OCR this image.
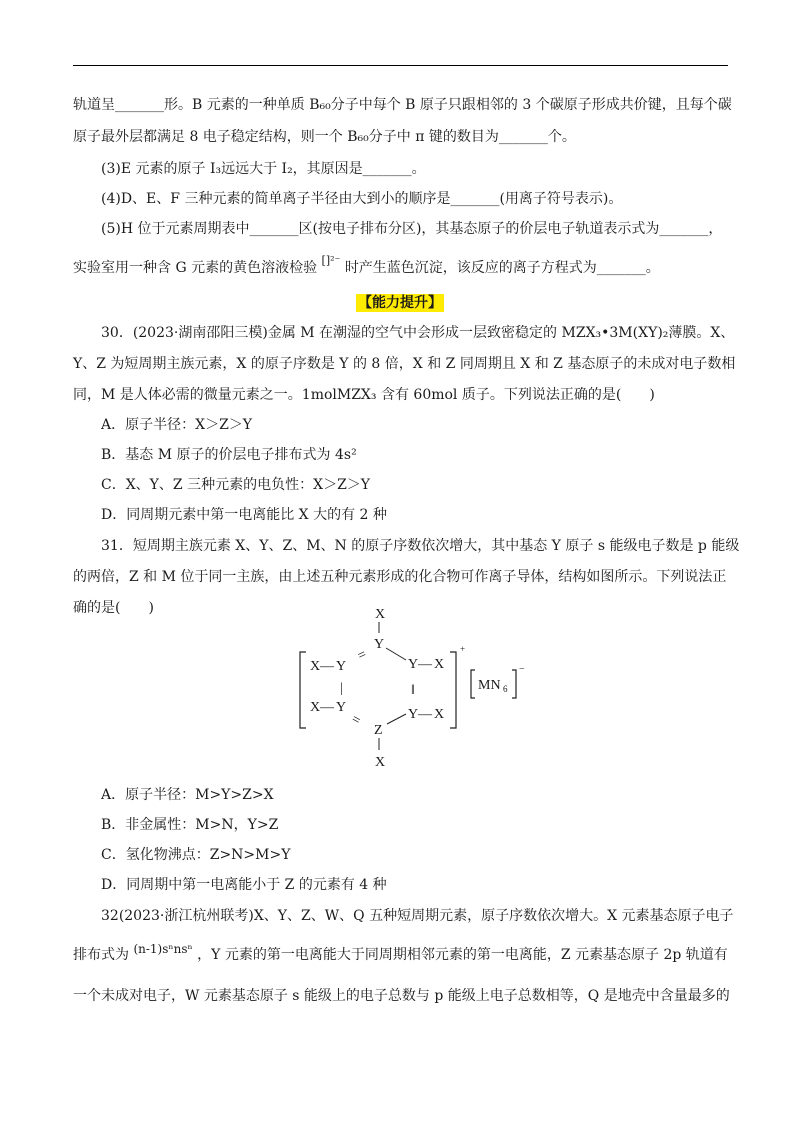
轨道呈_______形。B 元素的一种单质 B₆₀分子中每个 B 原子只跟相邻的 3 个碳原子形成共价键，且每个碳
原子最外层都满足 8 电子稳定结构，则一个 B₆₀分子中 π 键的数目为_______个。
(3)E 元素的原子 I₃远远大于 I₂，其原因是_______。
(4)D、E、F 三种元素的简单离子半径由大到小的顺序是_______(用离子符号表示)。
(5)H 位于元素周期表中_______区(按电子排布分区)，其基态原子的价层电子轨道表示式为_______，
实验室用一种含 G 元素的黄色溶液检验 $^{[]^{2-}}$ 时产生蓝色沉淀，该反应的离子方程式为_______。
【能力提升】
30．(2023·湖南邵阳三模)金属 M 在潮湿的空气中会形成一层致密稳定的 MZX₃•3M(XY)₂薄膜。X、
Y、Z 为短周期主族元素，X 的原子序数是 Y 的 8 倍，X 和 Z 同周期且 X 和 Z 基态原子的未成对电子数相
同，M 是人体必需的微量元素之一。1molMZX₃ 含有 60mol 质子。下列说法正确的是(　　)
A．原子半径：X＞Z＞Y
B．基态 M 原子的价层电子排布式为 4s²
C．X、Y、Z 三种元素的电负性：X＞Z＞Y
D．同周期元素中第一电离能比 X 大的有 2 种
31．短周期主族元素 X、Y、Z、M、N 的原子序数依次增大，其中基态 Y 原子 s 能级电子数是 p 能级
的两倍，Z 和 M 位于同一主族，由上述五种元素形成的化合物可作离子导体，结构如图所示。下列说法正
确的是(　　)	X
Y
X — Y
=
Y — X
|	‖
X — Y
=	Y — X
Z
X
+
MN 6
−
A．原子半径：M>Y>Z>X
B．非金属性：M>N，Y>Z
C．氢化物沸点：Z>N>M>Y
D．同周期中第一电离能小于 Z 的元素有 4 种
32(2023·浙江杭州联考)X、Y、Z、W、Q 五种短周期元素，原子序数依次增大。X 元素基态原子电子
排布式为 (n-1)sⁿnsⁿ ，Y 元素的第一电离能大于同周期相邻元素的第一电离能，Z 元素基态原子 2p 轨道有
一个未成对电子，W 元素基态原子 s 能级上的电子总数与 p 能级上电子总数相等，Q 是地壳中含量最多的
